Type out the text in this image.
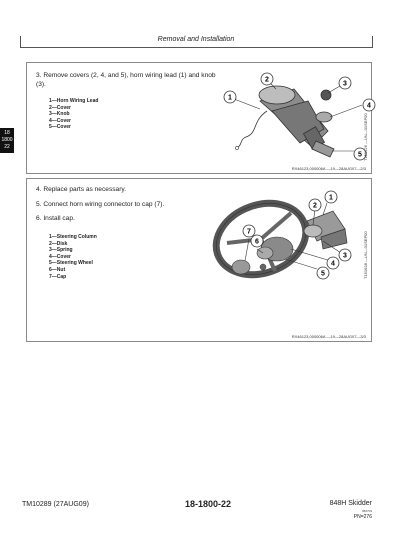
Removal and Installation
18
1800
22
3. Remove covers (2, 4, and 5), horn wiring lead (1) and knob (3).
1—Horn Wiring Lead
2—Cover
3—Knob
4—Cover
5—Cover
1
2
3
4
5 T151626 —UN—01SEP00
RX46123,000006A —19—28AUG07—2/3
4. Replace parts as necessary.
5. Connect horn wiring connector to cap (7).
6. Install cap.
1—Steering Column
2—Disk
3—Spring
4—Cover
5—Steering Wheel
6—Nut
7—Cap
1
2
3
4
5
6
7	T151628 —UN—01SEP00
RX46123,000006A —19—28AUG07—3/3
TM10289 (27AUG09)	18-1800-22	848H Skidder
082709
PN=276
